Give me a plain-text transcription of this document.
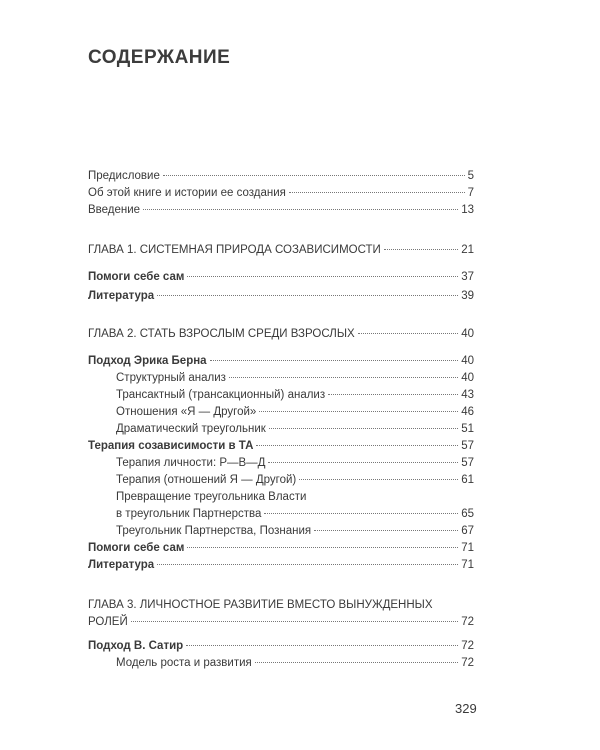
СОДЕРЖАНИЕ
Предисловие	5
Об этой книге и истории ее создания	7
Введение	13
ГЛАВА 1. СИСТЕМНАЯ ПРИРОДА СОЗАВИСИМОСТИ	21
Помоги себе сам	37
Литература	39
ГЛАВА 2. СТАТЬ ВЗРОСЛЫМ СРЕДИ ВЗРОСЛЫХ	40
Подход Эрика Берна	40
Структурный анализ	40
Трансактный (трансакционный) анализ	43
Отношения «Я — Другой»	46
Драматический треугольник	51
Терапия созависимости в ТА	57
Терапия личности: Р—В—Д	57
Терапия (отношений Я — Другой)	61
Превращение треугольника Власти
в треугольник Партнерства	65
Треугольник Партнерства, Познания	67
Помоги себе сам	71
Литература	71
ГЛАВА 3. ЛИЧНОСТНОЕ РАЗВИТИЕ ВМЕСТО ВЫНУЖДЕННЫХ
РОЛЕЙ	72
Подход В. Сатир	72
Модель роста и развития	72
329
